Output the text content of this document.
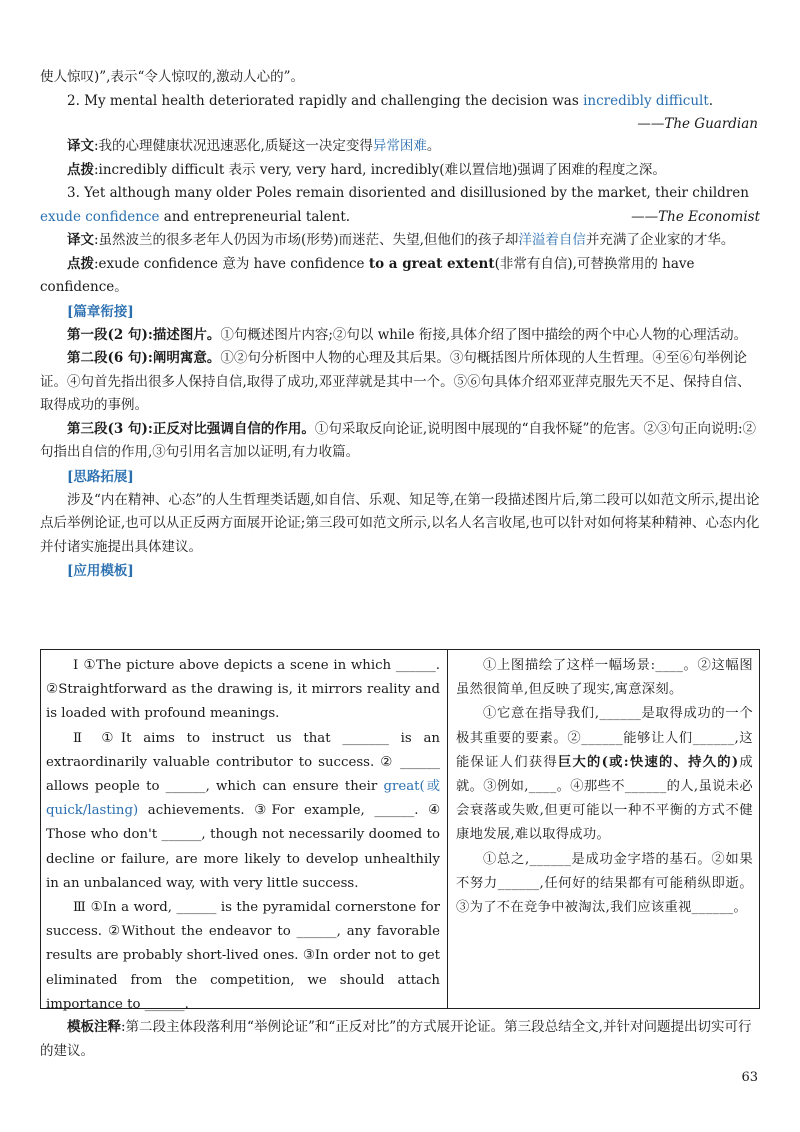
使人惊叹)”,表示“令人惊叹的,激动人心的”。

2. My mental health deteriorated rapidly and challenging the decision was incredibly difficult.

——The Guardian

译文:我的心理健康状况迅速恶化,质疑这一决定变得异常困难。

点拨:incredibly difficult 表示 very, very hard, incredibly(难以置信地)强调了困难的程度之深。

3. Yet although many older Poles remain disoriented and disillusioned by the market, their children exude confidence and entrepreneurial talent.	——The Economist

译文:虽然波兰的很多老年人仍因为市场(形势)而迷茫、失望,但他们的孩子却洋溢着自信并充满了企业家的才华。

点拨:exude confidence 意为 have confidence to a great extent(非常有自信),可替换常用的 have confidence。

[篇章衔接]

第一段(2 句):描述图片。①句概述图片内容;②句以 while 衔接,具体介绍了图中描绘的两个中心人物的心理活动。

第二段(6 句):阐明寓意。①②句分析图中人物的心理及其后果。③句概括图片所体现的人生哲理。④至⑥句举例论证。④句首先指出很多人保持自信,取得了成功,邓亚萍就是其中一个。⑤⑥句具体介绍邓亚萍克服先天不足、保持自信、取得成功的事例。

第三段(3 句):正反对比强调自信的作用。①句采取反向论证,说明图中展现的“自我怀疑”的危害。②③句正向说明:②句指出自信的作用,③句引用名言加以证明,有力收篇。

[思路拓展]

涉及“内在精神、心态”的人生哲理类话题,如自信、乐观、知足等,在第一段描述图片后,第二段可以如范文所示,提出论点后举例论证,也可以从正反两方面展开论证;第三段可如范文所示,以名人名言收尾,也可以针对如何将某种精神、心态内化并付诸实施提出具体建议。

[应用模板]

Ⅰ ①The picture above depicts a scene in which ______. ②Straightforward as the drawing is, it mirrors reality and is loaded with profound meanings.

Ⅱ ①It aims to instruct us that _______ is an extraordinarily valuable contributor to success. ② ______ allows people to ______, which can ensure their great(或quick/lasting) achievements. ③For example, ______. ④ Those who don't ______, though not necessarily doomed to decline or failure, are more likely to develop unhealthily in an unbalanced way, with very little success.

Ⅲ ①In a word, ______ is the pyramidal cornerstone for success. ②Without the endeavor to ______, any favorable results are probably short-lived ones. ③In order not to get eliminated from the competition, we should attach importance to ______.

①上图描绘了这样一幅场景:____。②这幅图虽然很简单,但反映了现实,寓意深刻。

①它意在指导我们,______是取得成功的一个极其重要的要素。②______能够让人们______,这能保证人们获得巨大的(或:快速的、持久的)成就。③例如,____。④那些不______的人,虽说未必会衰落或失败,但更可能以一种不平衡的方式不健康地发展,难以取得成功。

①总之,______是成功金字塔的基石。②如果不努力______,任何好的结果都有可能稍纵即逝。③为了不在竞争中被淘汰,我们应该重视______。

模板注释:第二段主体段落利用“举例论证”和“正反对比”的方式展开论证。第三段总结全文,并针对问题提出切实可行的建议。

63
